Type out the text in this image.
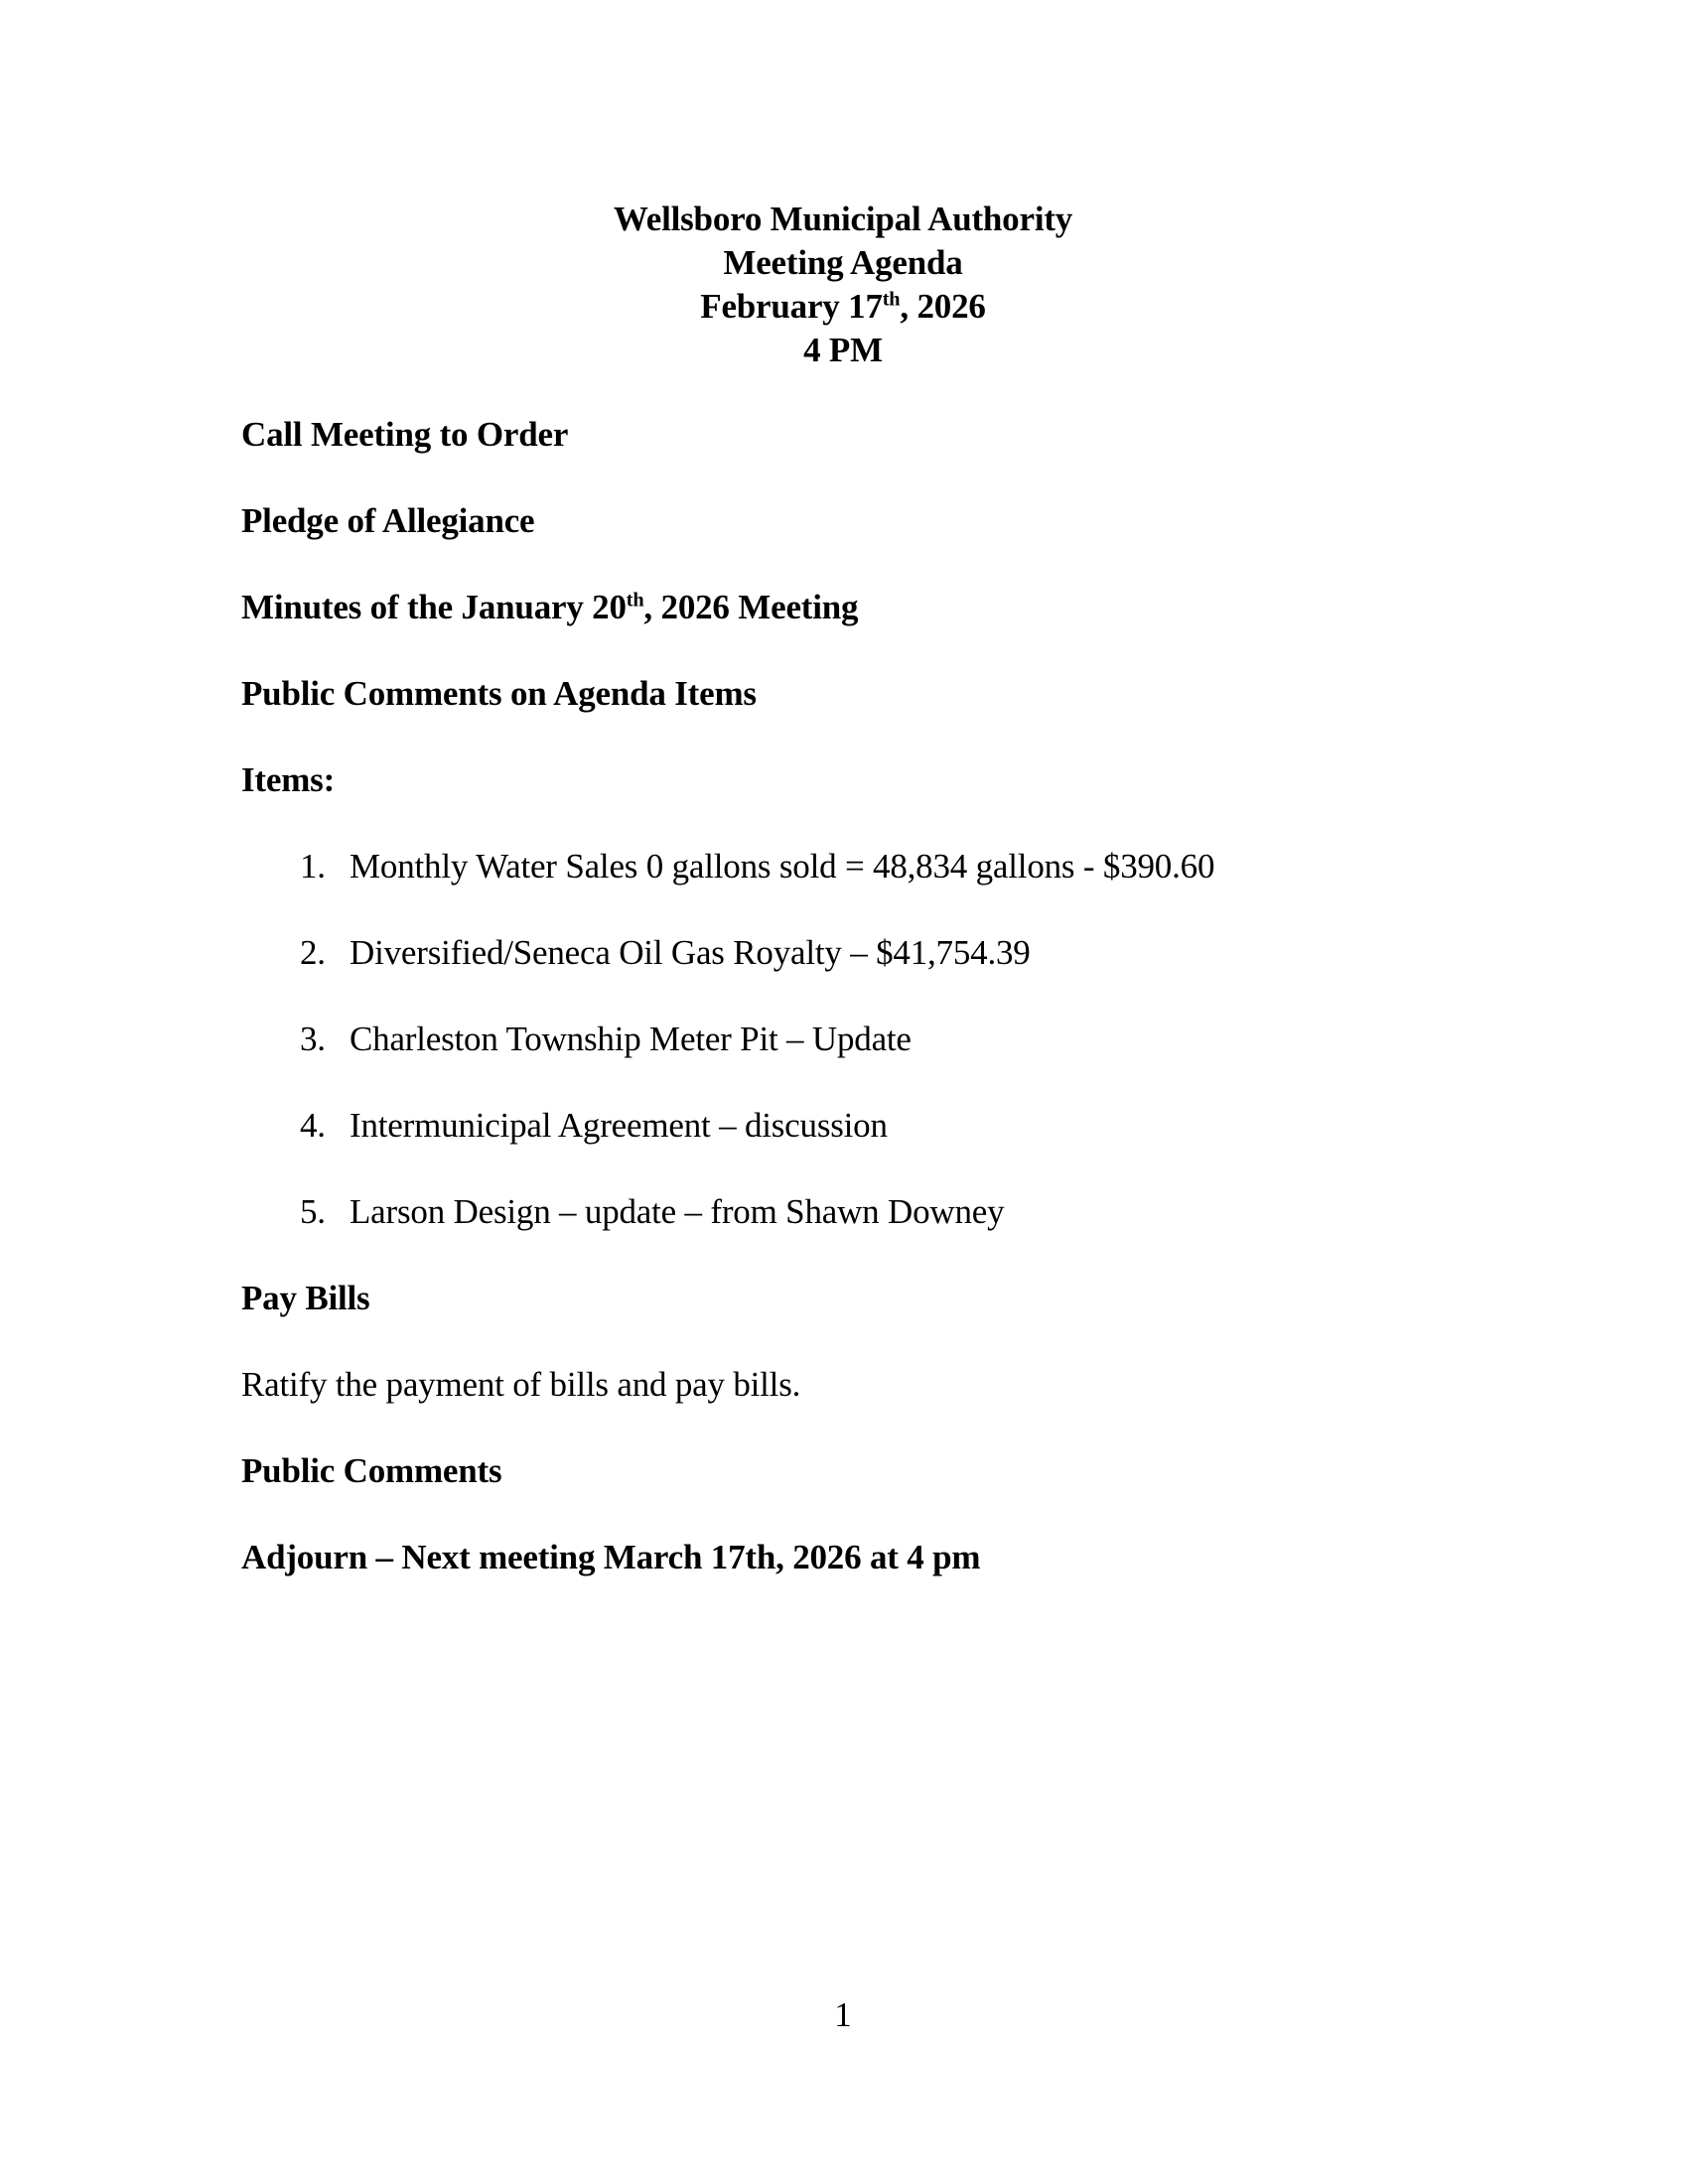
Wellsboro Municipal Authority
Meeting Agenda
February 17th, 2026
4 PM
Call Meeting to Order
Pledge of Allegiance
Minutes of the January 20th, 2026 Meeting
Public Comments on Agenda Items
Items:
1. Monthly Water Sales 0 gallons sold = 48,834 gallons - $390.60
2. Diversified/Seneca Oil Gas Royalty – $41,754.39
3. Charleston Township Meter Pit – Update
4. Intermunicipal Agreement – discussion
5. Larson Design – update – from Shawn Downey
Pay Bills
Ratify the payment of bills and pay bills.
Public Comments
Adjourn – Next meeting March 17th, 2026 at 4 pm
1
